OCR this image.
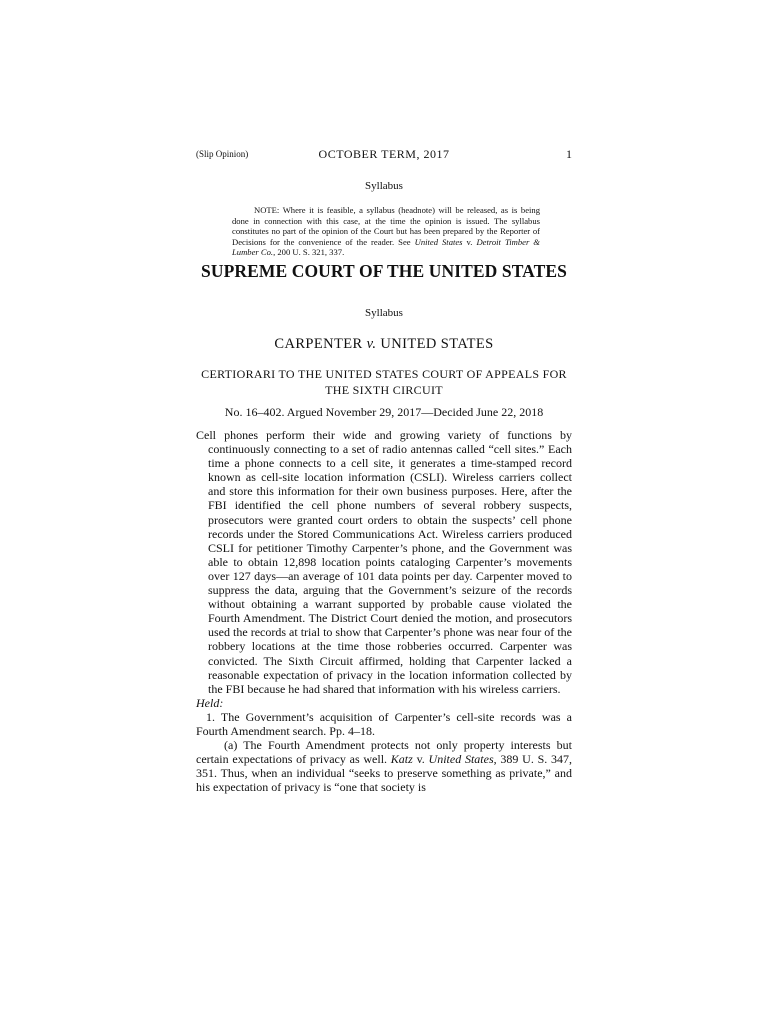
(Slip Opinion)	OCTOBER TERM, 2017	1
Syllabus
NOTE: Where it is feasible, a syllabus (headnote) will be released, as is being done in connection with this case, at the time the opinion is issued. The syllabus constitutes no part of the opinion of the Court but has been prepared by the Reporter of Decisions for the convenience of the reader. See United States v. Detroit Timber & Lumber Co., 200 U. S. 321, 337.
SUPREME COURT OF THE UNITED STATES
Syllabus
CARPENTER v. UNITED STATES
CERTIORARI TO THE UNITED STATES COURT OF APPEALS FOR THE SIXTH CIRCUIT
No. 16–402. Argued November 29, 2017—Decided June 22, 2018

Cell phones perform their wide and growing variety of functions by continuously connecting to a set of radio antennas called “cell sites.” Each time a phone connects to a cell site, it generates a time-stamped record known as cell-site location information (CSLI). Wireless carriers collect and store this information for their own business purposes. Here, after the FBI identified the cell phone numbers of several robbery suspects, prosecutors were granted court orders to obtain the suspects’ cell phone records under the Stored Communications Act. Wireless carriers produced CSLI for petitioner Timothy Carpenter’s phone, and the Government was able to obtain 12,898 location points cataloging Carpenter’s movements over 127 days—an average of 101 data points per day. Carpenter moved to suppress the data, arguing that the Government’s seizure of the records without obtaining a warrant supported by probable cause violated the Fourth Amendment. The District Court denied the motion, and prosecutors used the records at trial to show that Carpenter’s phone was near four of the robbery locations at the time those robberies occurred. Carpenter was convicted. The Sixth Circuit affirmed, holding that Carpenter lacked a reasonable expectation of privacy in the location information collected by the FBI because he had shared that information with his wireless carriers.

Held:

1. The Government’s acquisition of Carpenter’s cell-site records was a Fourth Amendment search. Pp. 4–18.

(a) The Fourth Amendment protects not only property interests but certain expectations of privacy as well. Katz v. United States, 389 U. S. 347, 351. Thus, when an individual “seeks to preserve something as private,” and his expectation of privacy is “one that society is
